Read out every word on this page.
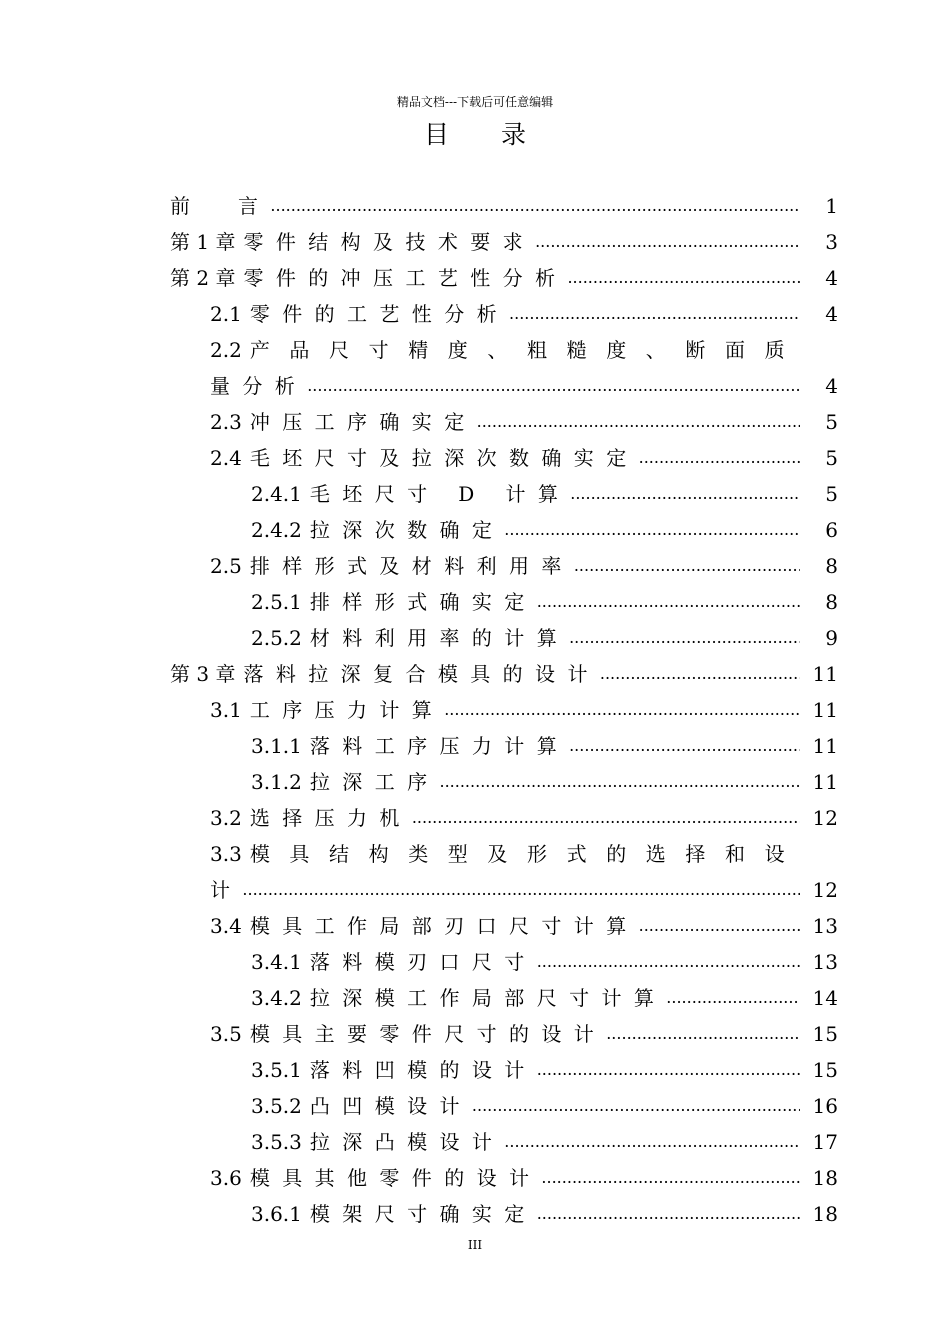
精品文档---下载后可任意编辑
目 录
前 言 .....	1
第 1 章 零件结构及技术要求 .....	3
第 2 章 零件的冲压工艺性分析 .....	4
2.1 零件的工艺性分析 .....	4
2.2 产品尺寸精度、粗糙度、断面质
量分析 .....	4
2.3 冲压工序确实定 .....	5
2.4 毛坯尺寸及拉深次数确实定 .....	5
2.4.1 毛坯尺寸 D 计算 .....	5
2.4.2 拉深次数确定 .....	6
2.5 排样形式及材料利用率 .....	8
2.5.1 排样形式确实定 .....	8
2.5.2 材料利用率的计算 .....	9
第 3 章 落料拉深复合模具的设计 .....	11
3.1 工序压力计算 .....	11
3.1.1 落料工序压力计算 .....	11
3.1.2 拉深工序 .....	11
3.2 选择压力机 .....	12
3.3 模具结构类型及形式的选择和设
计 .....	12
3.4 模具工作局部刃口尺寸计算 .....	13
3.4.1 落料模刃口尺寸 .....	13
3.4.2 拉深模工作局部尺寸计算 .....	14
3.5 模具主要零件尺寸的设计 .....	15
3.5.1 落料凹模的设计 .....	15
3.5.2 凸凹模设计 .....	16
3.5.3 拉深凸模设计 .....	17
3.6 模具其他零件的设计 .....	18
3.6.1 模架尺寸确实定 .....	18
III
